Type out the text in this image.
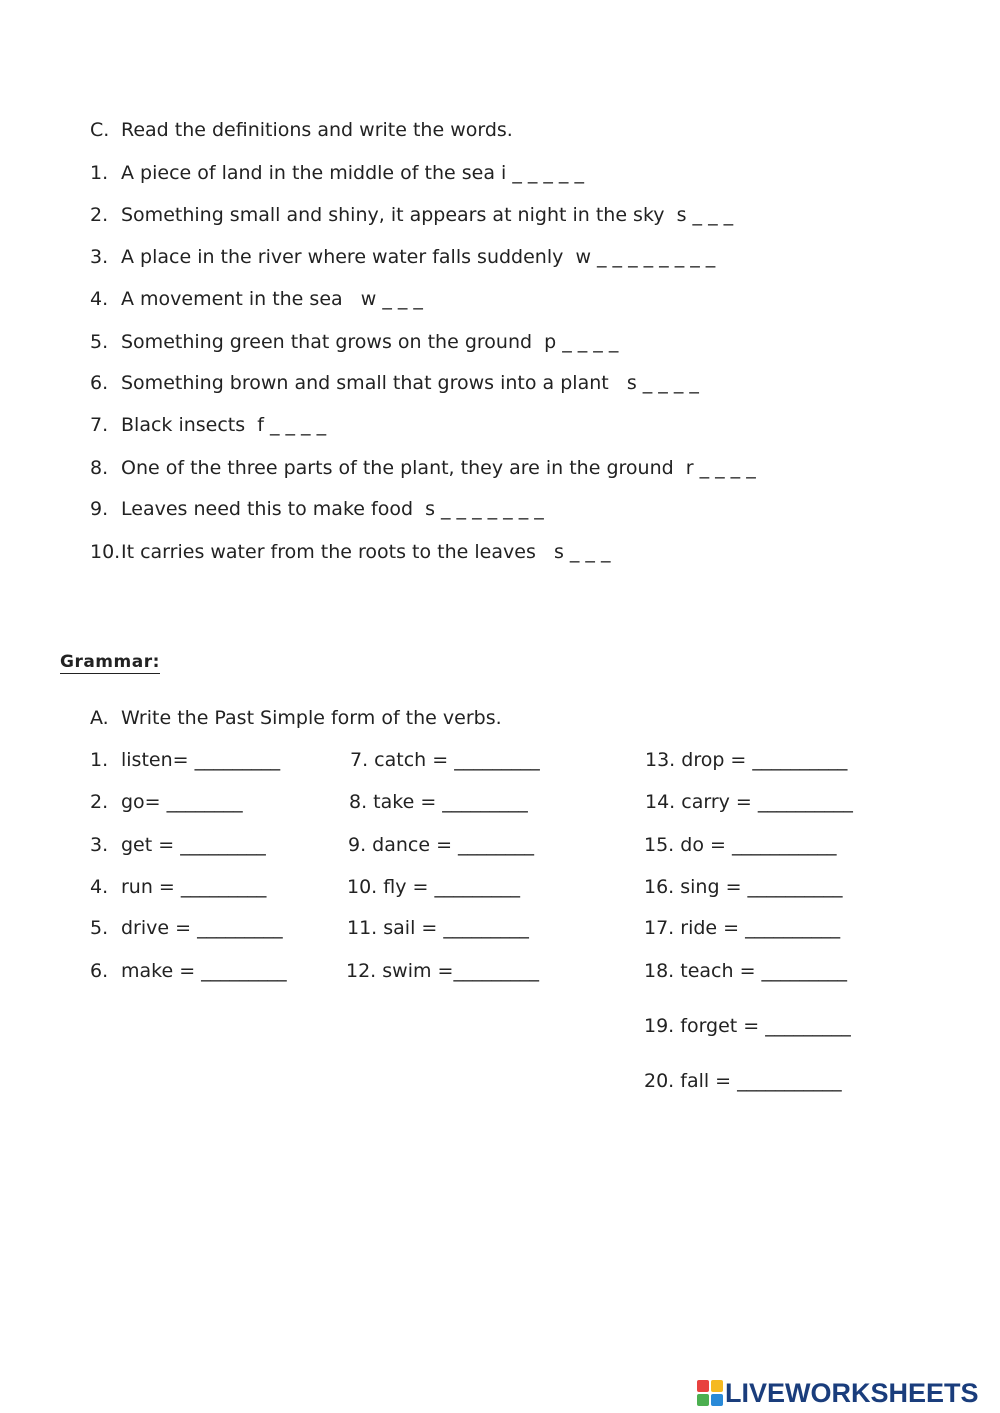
C. Read the definitions and write the words.
1. A piece of land in the middle of the sea i _ _ _ _ _
2. Something small and shiny, it appears at night in the sky  s _ _ _
3. A place in the river where water falls suddenly  w _ _ _ _ _ _ _ _
4. A movement in the sea   w _ _ _
5. Something green that grows on the ground  p _ _ _ _
6. Something brown and small that grows into a plant   s _ _ _ _
7. Black insects  f _ _ _ _
8. One of the three parts of the plant, they are in the ground  r _ _ _ _
9. Leaves need this to make food  s _ _ _ _ _ _ _
10. It carries water from the roots to the leaves   s _ _ _
Grammar:
A. Write the Past Simple form of the verbs.
1. listen= _________
2. go= ________
3. get = _________
4. run = _________
5. drive = _________
6. make = _________
7. catch = _________
8. take = _________
9. dance = ________
10. fly = _________
11. sail = _________
12. swim =_________
13. drop = __________
14. carry = __________
15. do = ___________
16. sing = __________
17. ride = __________
18. teach = _________
19. forget = _________
20. fall = ___________
LIVEWORKSHEETS
